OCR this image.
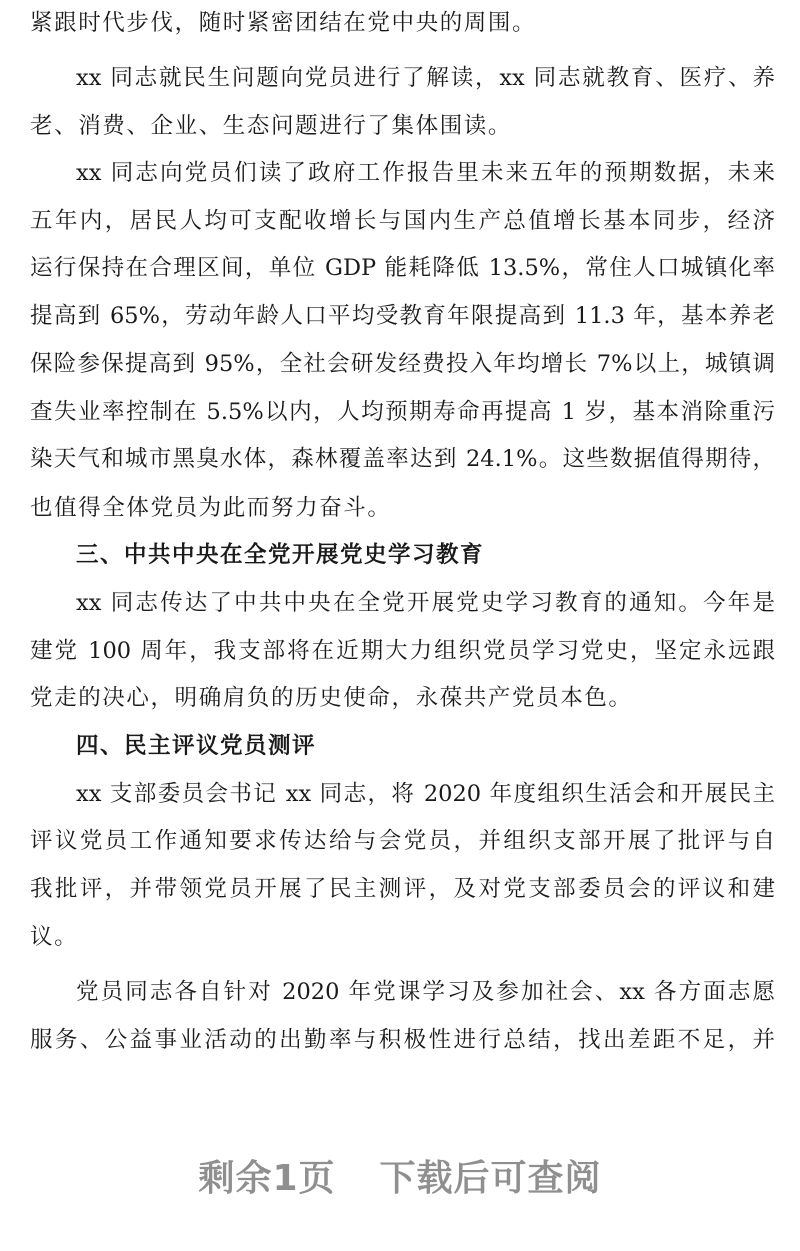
紧跟时代步伐，随时紧密团结在党中央的周围。
xx 同志就民生问题向党员进行了解读，xx 同志就教育、医疗、养
老、消费、企业、生态问题进行了集体围读。
xx 同志向党员们读了政府工作报告里未来五年的预期数据，未来
五年内，居民人均可支配收增长与国内生产总值增长基本同步，经济
运行保持在合理区间，单位 GDP 能耗降低 13.5%，常住人口城镇化率
提高到 65%，劳动年龄人口平均受教育年限提高到 11.3 年，基本养老
保险参保提高到 95%，全社会研发经费投入年均增长 7%以上，城镇调
查失业率控制在 5.5%以内，人均预期寿命再提高 1 岁，基本消除重污
染天气和城市黑臭水体，森林覆盖率达到 24.1%。这些数据值得期待，
也值得全体党员为此而努力奋斗。
三、中共中央在全党开展党史学习教育
xx 同志传达了中共中央在全党开展党史学习教育的通知。今年是
建党 100 周年，我支部将在近期大力组织党员学习党史，坚定永远跟
党走的决心，明确肩负的历史使命，永葆共产党员本色。
四、民主评议党员测评
xx 支部委员会书记 xx 同志，将 2020 年度组织生活会和开展民主
评议党员工作通知要求传达给与会党员，并组织支部开展了批评与自
我批评，并带领党员开展了民主测评，及对党支部委员会的评议和建
议。
党员同志各自针对 2020 年党课学习及参加社会、xx 各方面志愿
服务、公益事业活动的出勤率与积极性进行总结，找出差距不足，并
剩余1页 下载后可查阅
